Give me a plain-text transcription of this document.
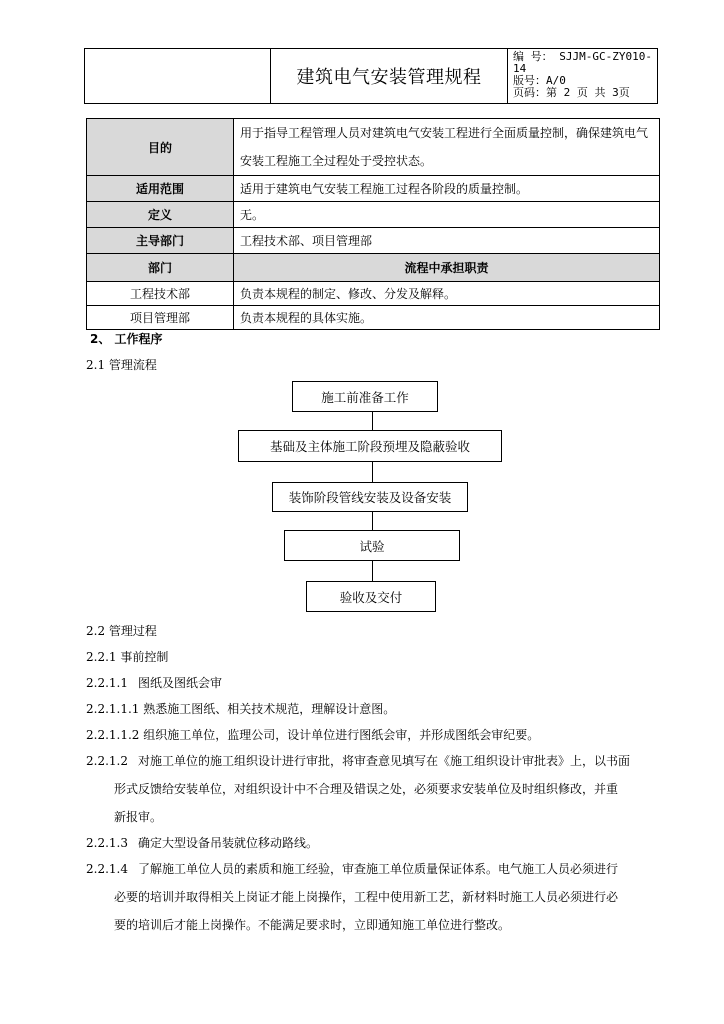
建筑电气安装管理规程
编 号： SJJM-GC-ZY010-
14
版号：A/0
页码：第 2 页 共 3页
目的	用于指导工程管理人员对建筑电气安装工程进行全面质量控制，确保建筑电气安装工程施工全过程处于受控状态。
适用范围	适用于建筑电气安装工程施工过程各阶段的质量控制。
定义	无。
主导部门	工程技术部、项目管理部
部门	流程中承担职责
工程技术部	负责本规程的制定、修改、分发及解释。
项目管理部	负责本规程的具体实施。
2、 工作程序
2.1 管理流程
施工前准备工作
基础及主体施工阶段预埋及隐蔽验收
装饰阶段管线安装及设备安装
试验
验收及交付
2.2 管理过程
2.2.1 事前控制
2.2.1.1 图纸及图纸会审
2.2.1.1.1 熟悉施工图纸、相关技术规范，理解设计意图。
2.2.1.1.2 组织施工单位，监理公司，设计单位进行图纸会审，并形成图纸会审纪要。
2.2.1.2 对施工单位的施工组织设计进行审批，将审查意见填写在《施工组织设计审批表》上，以书面
形式反馈给安装单位，对组织设计中不合理及错误之处，必须要求安装单位及时组织修改，并重
新报审。
2.2.1.3 确定大型设备吊装就位移动路线。
2.2.1.4 了解施工单位人员的素质和施工经验，审查施工单位质量保证体系。电气施工人员必须进行
必要的培训并取得相关上岗证才能上岗操作，工程中使用新工艺，新材料时施工人员必须进行必
要的培训后才能上岗操作。不能满足要求时，立即通知施工单位进行整改。
